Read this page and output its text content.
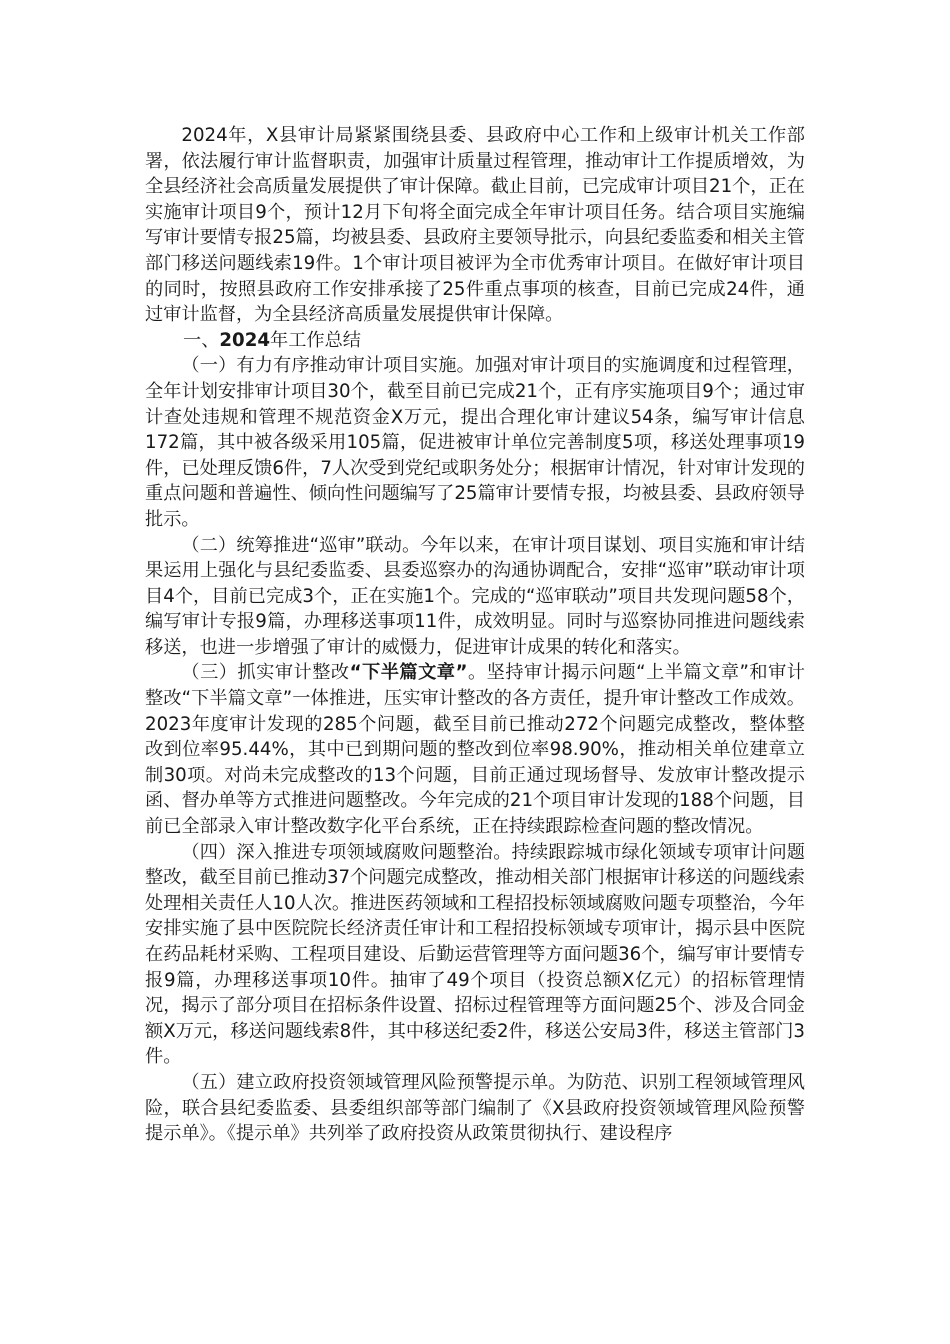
2024年，X县审计局紧紧围绕县委、县政府中心工作和上级审计机关工作部署，依法履行审计监督职责，加强审计质量过程管理，推动审计工作提质增效，为全县经济社会高质量发展提供了审计保障。截止目前，已完成审计项目21个，正在实施审计项目9个，预计12月下旬将全面完成全年审计项目任务。结合项目实施编写审计要情专报25篇，均被县委、县政府主要领导批示，向县纪委监委和相关主管部门移送问题线索19件。1个审计项目被评为全市优秀审计项目。在做好审计项目的同时，按照县政府工作安排承接了25件重点事项的核查，目前已完成24件，通过审计监督，为全县经济高质量发展提供审计保障。

一、2024年工作总结

（一）有力有序推动审计项目实施。加强对审计项目的实施调度和过程管理，全年计划安排审计项目30个，截至目前已完成21个，正有序实施项目9个；通过审计查处违规和管理不规范资金X万元，提出合理化审计建议54条，编写审计信息172篇，其中被各级采用105篇，促进被审计单位完善制度5项，移送处理事项19件，已处理反馈6件，7人次受到党纪或职务处分；根据审计情况，针对审计发现的重点问题和普遍性、倾向性问题编写了25篇审计要情专报，均被县委、县政府领导批示。

（二）统筹推进“巡审”联动。今年以来，在审计项目谋划、项目实施和审计结果运用上强化与县纪委监委、县委巡察办的沟通协调配合，安排“巡审”联动审计项目4个，目前已完成3个，正在实施1个。完成的“巡审联动”项目共发现问题58个，编写审计专报9篇，办理移送事项11件，成效明显。同时与巡察协同推进问题线索移送，也进一步增强了审计的威慑力，促进审计成果的转化和落实。

（三）抓实审计整改“下半篇文章”。坚持审计揭示问题“上半篇文章”和审计整改“下半篇文章”一体推进，压实审计整改的各方责任，提升审计整改工作成效。2023年度审计发现的285个问题，截至目前已推动272个问题完成整改，整体整改到位率95.44%，其中已到期问题的整改到位率98.90%，推动相关单位建章立制30项。对尚未完成整改的13个问题，目前正通过现场督导、发放审计整改提示函、督办单等方式推进问题整改。今年完成的21个项目审计发现的188个问题，目前已全部录入审计整改数字化平台系统，正在持续跟踪检查问题的整改情况。

（四）深入推进专项领域腐败问题整治。持续跟踪城市绿化领域专项审计问题整改，截至目前已推动37个问题完成整改，推动相关部门根据审计移送的问题线索处理相关责任人10人次。推进医药领域和工程招投标领域腐败问题专项整治，今年安排实施了县中医院院长经济责任审计和工程招投标领域专项审计，揭示县中医院在药品耗材采购、工程项目建设、后勤运营管理等方面问题36个，编写审计要情专报9篇，办理移送事项10件。抽审了49个项目（投资总额X亿元）的招标管理情况，揭示了部分项目在招标条件设置、招标过程管理等方面问题25个、涉及合同金额X万元，移送问题线索8件，其中移送纪委2件，移送公安局3件，移送主管部门3件。

（五）建立政府投资领域管理风险预警提示单。为防范、识别工程领域管理风险，联合县纪委监委、县委组织部等部门编制了《X县政府投资领域管理风险预警提示单》。《提示单》共列举了政府投资从政策贯彻执行、建设程序
